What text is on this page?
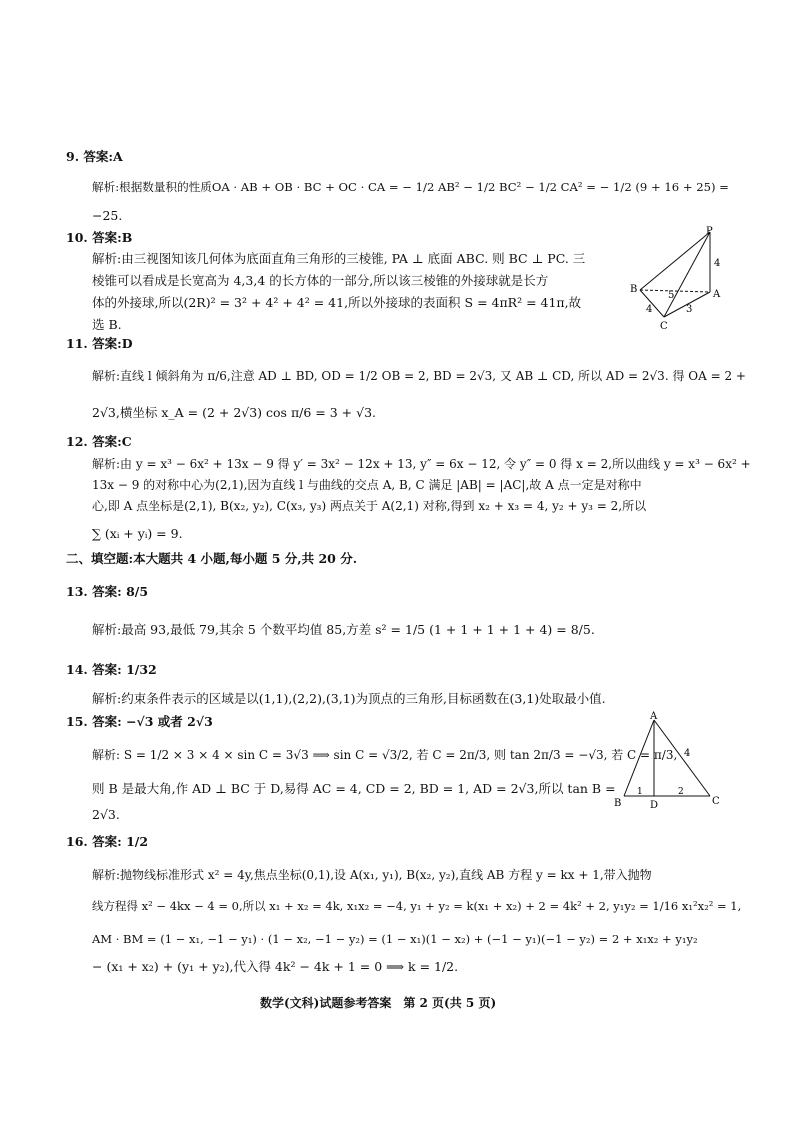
9. 答案:A
解析:根据数量积的性质OA · AB + OB · BC + OC · CA = − 1/2 AB² − 1/2 BC² − 1/2 CA² = − 1/2 (9 + 16 + 25) =
−25.
10. 答案:B
解析:由三视图知该几何体为底面直角三角形的三棱锥, PA ⊥ 底面 ABC. 则 BC ⊥ PC. 三
棱锥可以看成是长宽高为 4,3,4 的长方体的一部分,所以该三棱锥的外接球就是长方
体的外接球,所以(2R)² = 3² + 4² + 4² = 41,所以外接球的表面积 S = 4πR² = 41π,故
选 B.
P
A
B
C
4
5
4	3
11. 答案:D
解析:直线 l 倾斜角为 π/6,注意 AD ⊥ BD, OD = 1/2 OB = 2, BD = 2√3, 又 AB ⊥ CD, 所以 AD = 2√3. 得 OA = 2 +
2√3,横坐标 x_A = (2 + 2√3) cos π/6 = 3 + √3.
12. 答案:C
解析:由 y = x³ − 6x² + 13x − 9 得 y′ = 3x² − 12x + 13, y″ = 6x − 12, 令 y″ = 0 得 x = 2,所以曲线 y = x³ − 6x² +
13x − 9 的对称中心为(2,1),因为直线 l 与曲线的交点 A, B, C 满足 |AB| = |AC|,故 A 点一定是对称中
心,即 A 点坐标是(2,1), B(x₂, y₂), C(x₃, y₃) 两点关于 A(2,1) 对称,得到 x₂ + x₃ = 4, y₂ + y₃ = 2,所以
∑ (xᵢ + yᵢ) = 9.
二、填空题:本大题共 4 小题,每小题 5 分,共 20 分.
13. 答案: 8/5
解析:最高 93,最低 79,其余 5 个数平均值 85,方差 s² = 1/5 (1 + 1 + 1 + 1 + 4) = 8/5.
14. 答案: 1/32
解析:约束条件表示的区域是以(1,1),(2,2),(3,1)为顶点的三角形,目标函数在(3,1)处取最小值.
15. 答案: −√3 或者 2√3
解析: S = 1/2 × 3 × 4 × sin C = 3√3 ⟹ sin C = √3/2, 若 C = 2π/3, 则 tan 2π/3 = −√3, 若 C = π/3,
则 B 是最大角,作 AD ⊥ BC 于 D,易得 AC = 4, CD = 2, BD = 1, AD = 2√3,所以 tan B =
2√3.
A
B	C
D
4
1	2
16. 答案: 1/2
解析:抛物线标准形式 x² = 4y,焦点坐标(0,1),设 A(x₁, y₁), B(x₂, y₂),直线 AB 方程 y = kx + 1,带入抛物
线方程得 x² − 4kx − 4 = 0,所以 x₁ + x₂ = 4k, x₁x₂ = −4, y₁ + y₂ = k(x₁ + x₂) + 2 = 4k² + 2, y₁y₂ = 1/16 x₁²x₂² = 1,
AM · BM = (1 − x₁, −1 − y₁) · (1 − x₂, −1 − y₂) = (1 − x₁)(1 − x₂) + (−1 − y₁)(−1 − y₂) = 2 + x₁x₂ + y₁y₂
− (x₁ + x₂) + (y₁ + y₂),代入得 4k² − 4k + 1 = 0 ⟹ k = 1/2.
数学(文科)试题参考答案　第 2 页(共 5 页)
